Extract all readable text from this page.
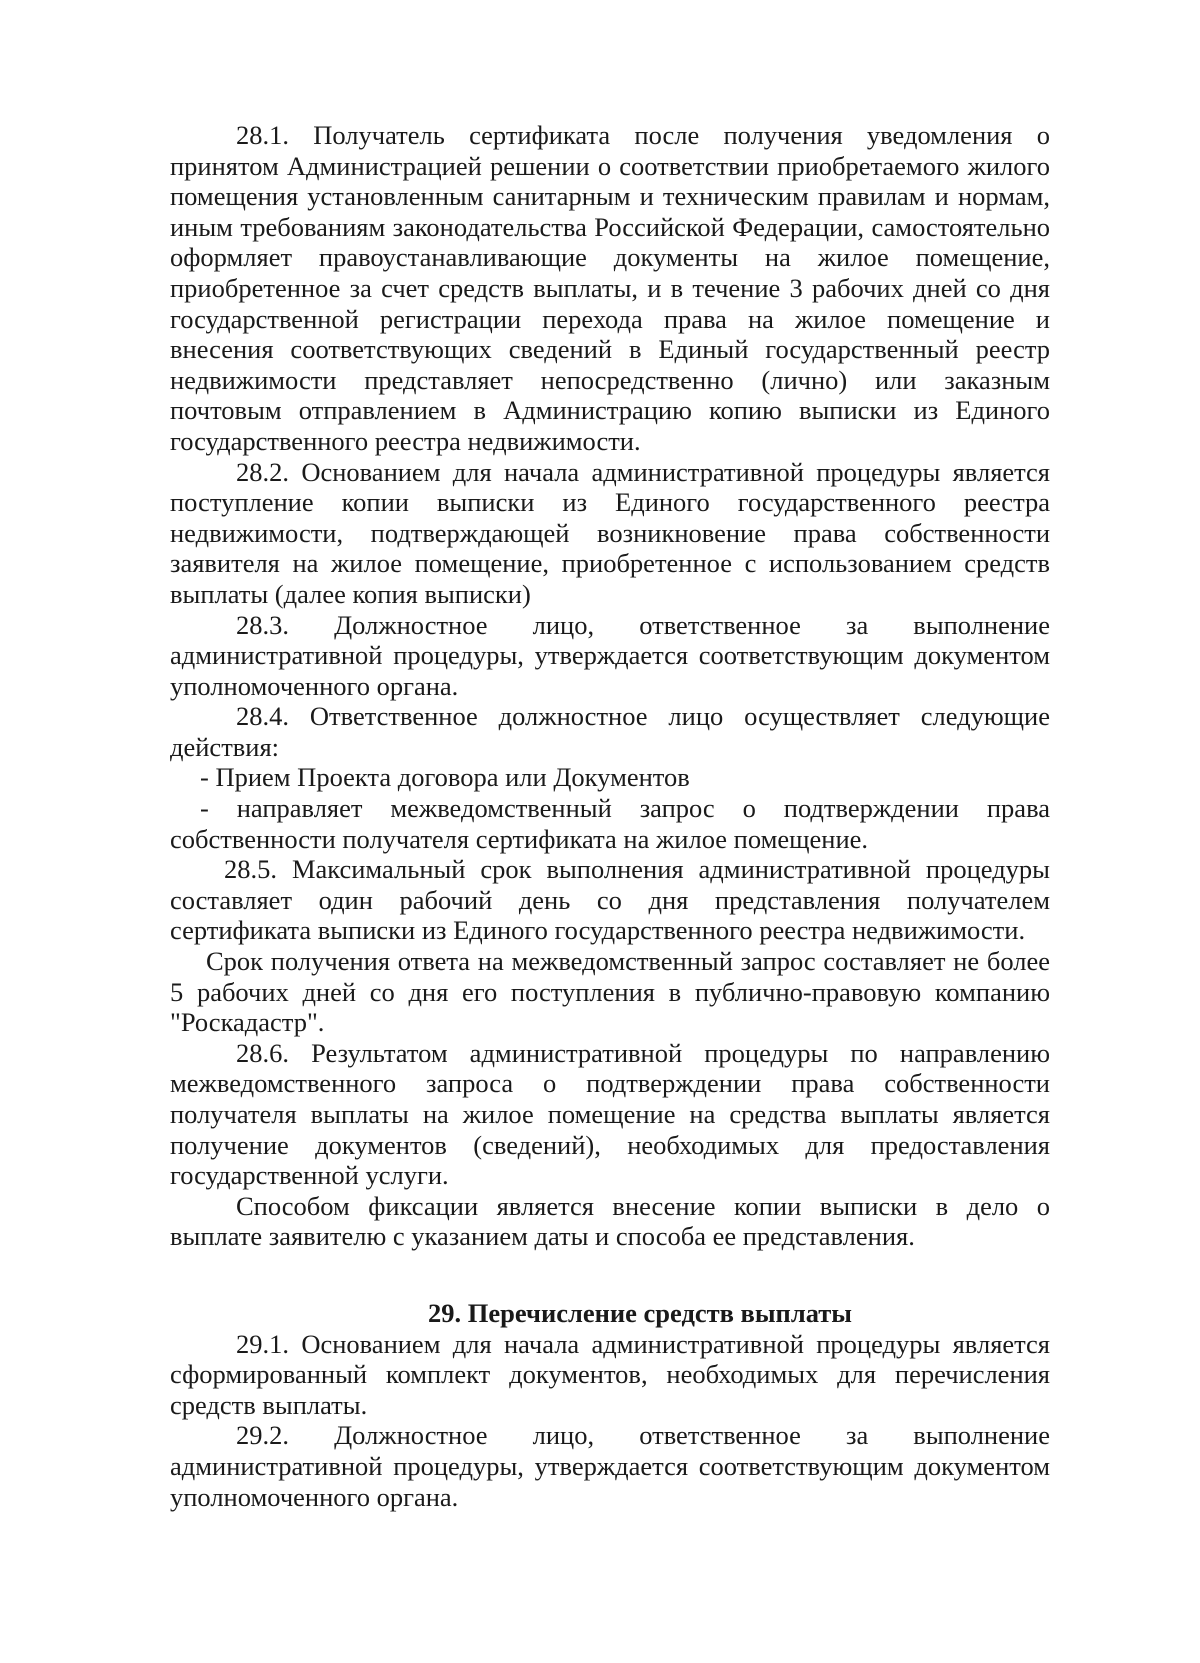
28.1. Получатель сертификата после получения уведомления о принятом Администрацией решении о соответствии приобретаемого жилого помещения установленным санитарным и техническим правилам и нормам, иным требованиям законодательства Российской Федерации, самостоятельно оформляет правоустанавливающие документы на жилое помещение, приобретенное за счет средств выплаты, и в течение 3 рабочих дней со дня государственной регистрации перехода права на жилое помещение и внесения соответствующих сведений в Единый государственный реестр недвижимости представляет непосредственно (лично) или заказным почтовым отправлением в Администрацию копию выписки из Единого государственного реестра недвижимости.

28.2. Основанием для начала административной процедуры является поступление копии выписки из Единого государственного реестра недвижимости, подтверждающей возникновение права собственности заявителя на жилое помещение, приобретенное с использованием средств выплаты (далее копия выписки)

28.3. Должностное лицо, ответственное за выполнение административной процедуры, утверждается соответствующим документом уполномоченного органа.

28.4. Ответственное должностное лицо осуществляет следующие действия:

- Прием Проекта договора или Документов

- направляет межведомственный запрос о подтверждении права собственности получателя сертификата на жилое помещение.

28.5. Максимальный срок выполнения административной процедуры составляет один рабочий день со дня представления получателем сертификата выписки из Единого государственного реестра недвижимости.

Срок получения ответа на межведомственный запрос составляет не более 5 рабочих дней со дня его поступления в публично-правовую компанию "Роскадастр".

28.6. Результатом административной процедуры по направлению межведомственного запроса о подтверждении права собственности получателя выплаты на жилое помещение на средства выплаты является получение документов (сведений), необходимых для предоставления государственной услуги.

Способом фиксации является внесение копии выписки в дело о выплате заявителю с указанием даты и способа ее представления.

29. Перечисление средств выплаты

29.1. Основанием для начала административной процедуры является сформированный комплект документов, необходимых для перечисления средств выплаты.

29.2. Должностное лицо, ответственное за выполнение административной процедуры, утверждается соответствующим документом уполномоченного органа.
